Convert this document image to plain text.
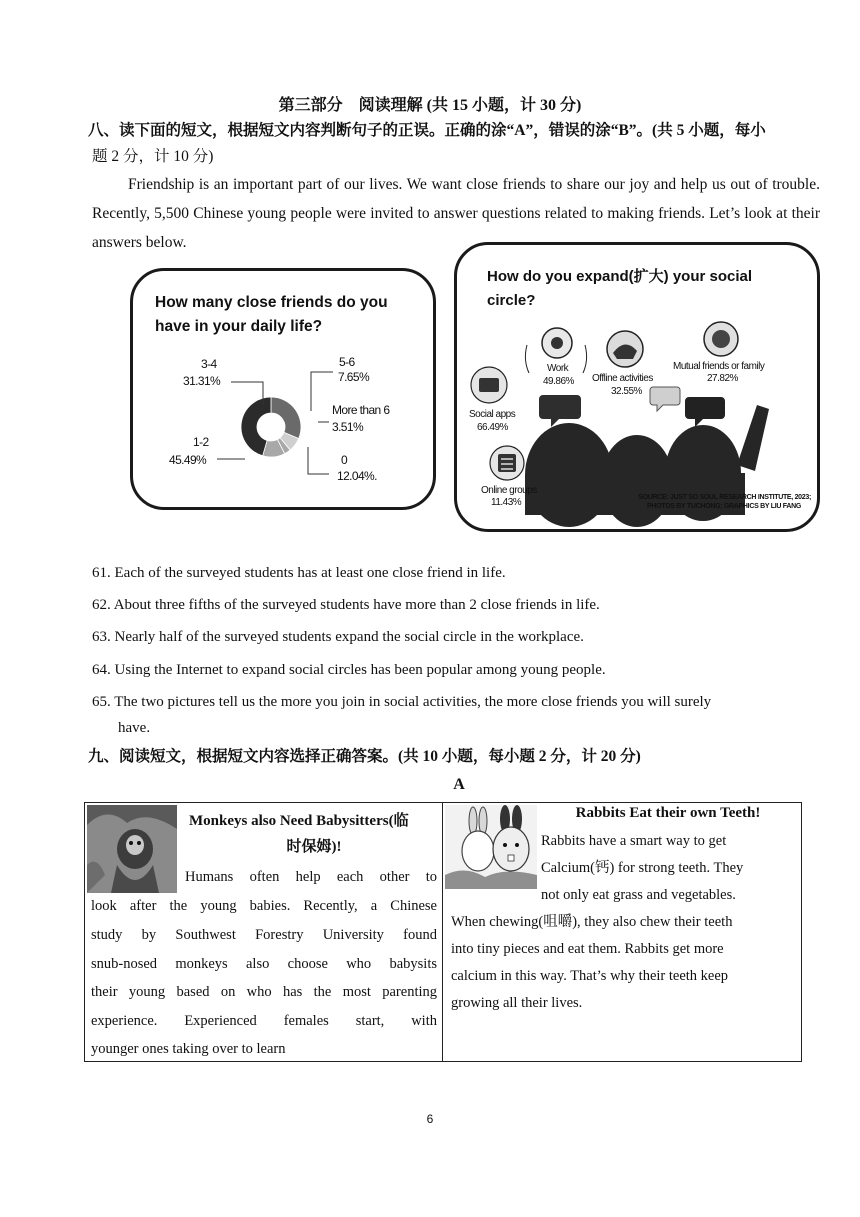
第三部分　阅读理解 (共 15 小题，计 30 分)
八、读下面的短文，根据短文内容判断句子的正误。正确的涂“A”，错误的涂“B”。(共 5 小题，每小
题 2 分，计 10 分)
Friendship is an important part of our lives. We want close friends to share our joy and help us out of trouble. Recently, 5,500 Chinese young people were invited to answer questions related to making friends. Let’s look at their answers below.
How many close friends do you have in your daily life?
3-4
31.31%
5-6
7.65%
More than 6
3.51%
0
12.04%.
1-2
45.49%
How do you expand(扩大) your social circle?
Work
49.86% Offline activities
32.55%
Mutual friends or family
27.82%
Social apps
66.49%
Online groups
11.43%	SOURCE: JUST SO SOUL RESEARCH INSTITUTE, 2023;
PHOTOS BY TUCHONG; GRAPHICS BY LIU FANG
61. Each of the surveyed students has at least one close friend in life.
62. About three fifths of the surveyed students have more than 2 close friends in life.
63. Nearly half of the surveyed students expand the social circle in the workplace.
64. Using the Internet to expand social circles has been popular among young people.
65. The two pictures tell us the more you join in social activities, the more close friends you will surely
have.
九、阅读短文，根据短文内容选择正确答案。(共 10 小题，每小题 2 分，计 20 分)
A
Monkeys also Need Babysitters(临
时保姆)!
Humans often help each other to
look after the young babies. Recently, a Chinese
study by Southwest Forestry University found
snub-nosed monkeys also choose who babysits
their young based on who has the most parenting
experience. Experienced females start, with
younger ones taking over to learn
Rabbits Eat their own Teeth!
Rabbits have a smart way to get
Calcium(钙) for strong teeth. They
not only eat grass and vegetables.
When chewing(咀嚼), they also chew their teeth
into tiny pieces and eat them. Rabbits get more
calcium in this way. That’s why their teeth keep
growing all their lives.
6
